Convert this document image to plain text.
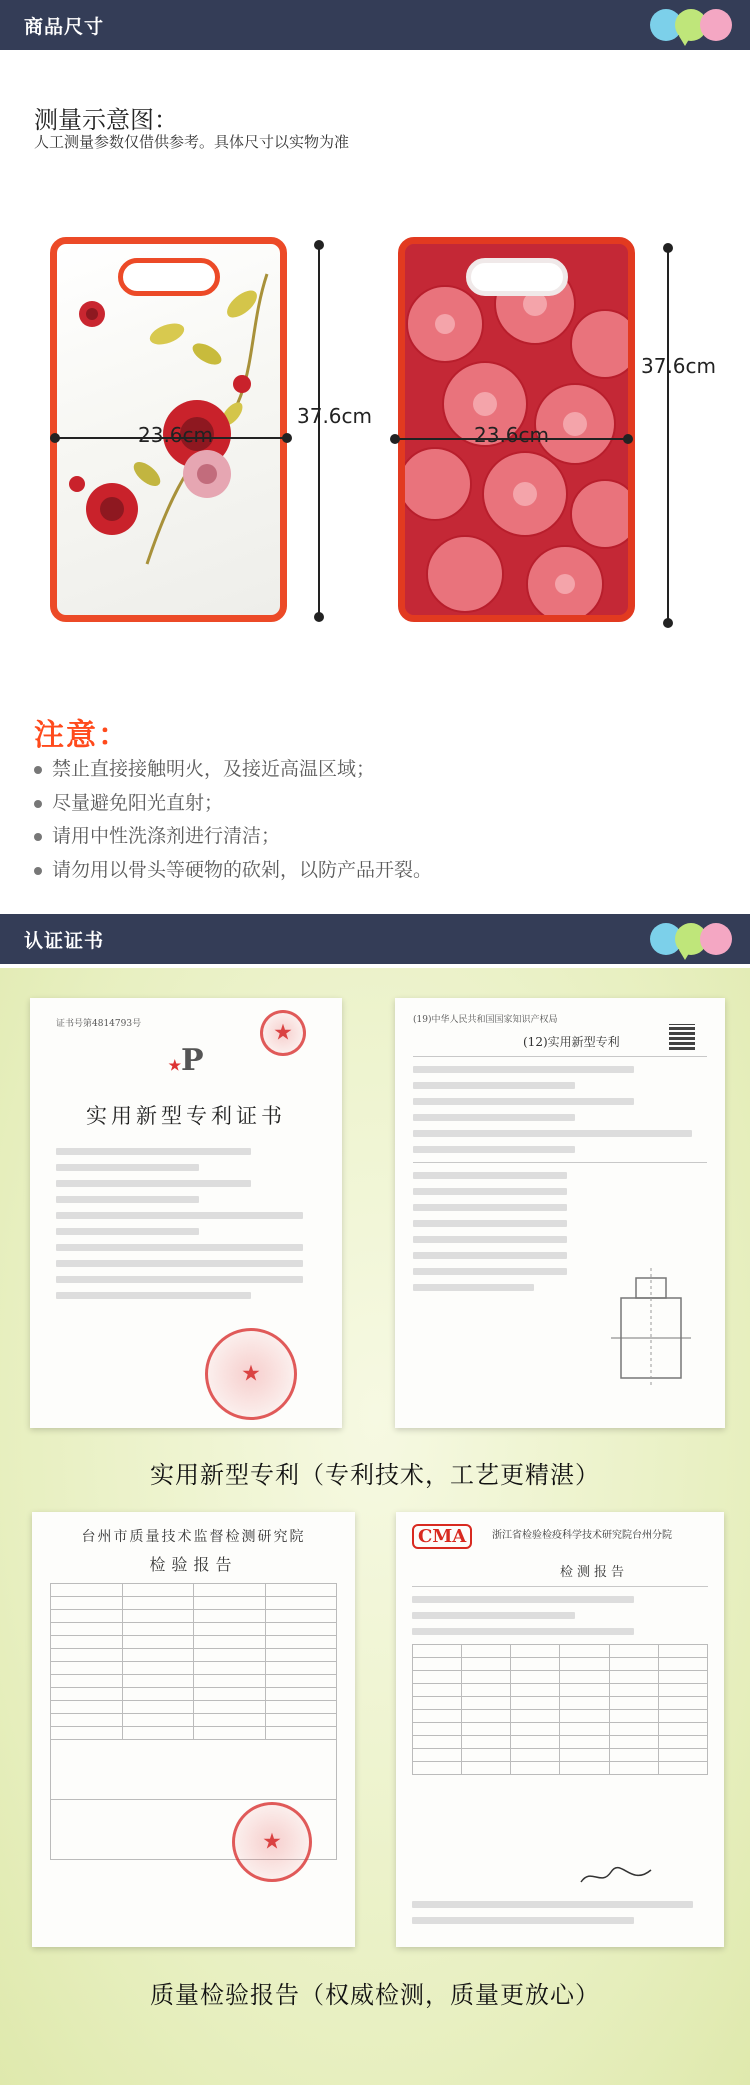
商品尺寸
测量示意图：
人工测量参数仅借供参考。具体尺寸以实物为准
37.6cm
23.6cm
37.6cm
23.6cm
注意：
禁止直接接触明火，及接近高温区域；
尽量避免阳光直射；
请用中性洗涤剂进行清洁；
请勿用以骨头等硬物的砍剁，以防产品开裂。
认证证书
证书号第4814793号
★P
实用新型专利证书
★
★
(19)中华人民共和国国家知识产权局
(12)实用新型专利
实用新型专利（专利技术，工艺更精湛）
台州市质量技术监督检测研究院
检验报告

★
CMA	浙江省检验检疫科学技术研究院台州分院
检测报告

质量检验报告（权威检测，质量更放心）
